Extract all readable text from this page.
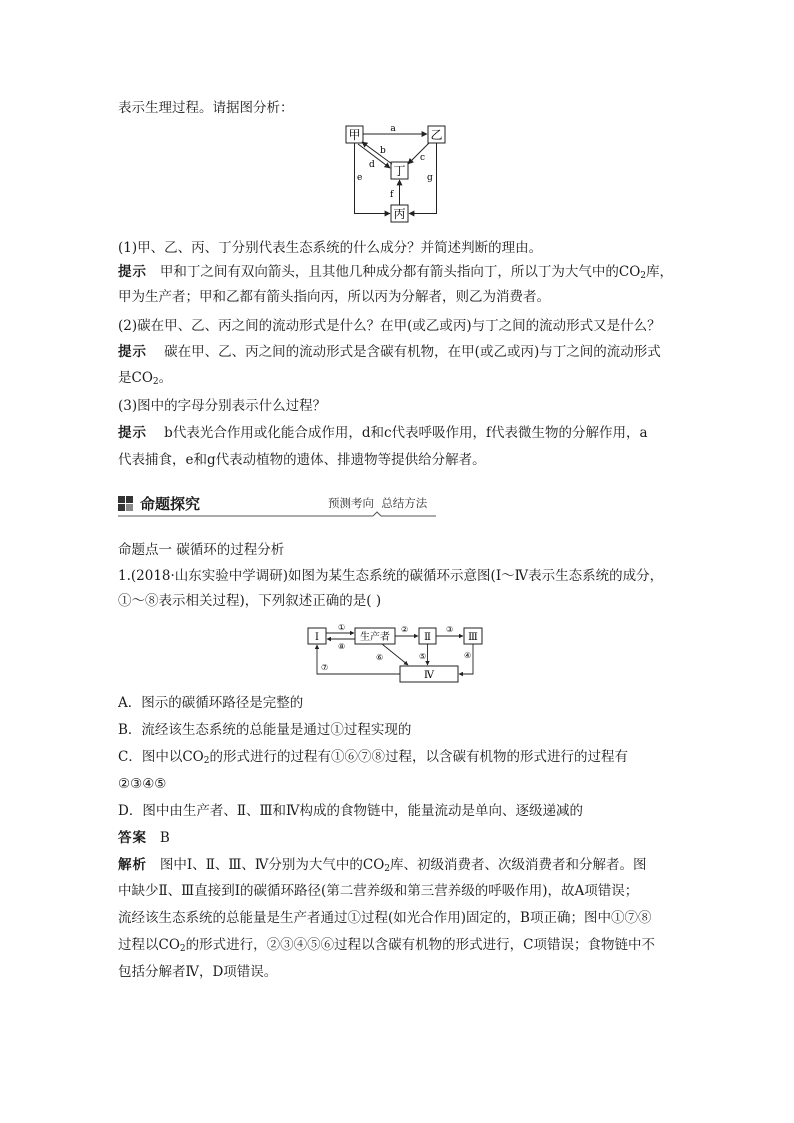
表示生理过程。请据图分析：
甲	乙
丁
丙
a
b
d
c
f
e	g
(1)甲、乙、丙、丁分别代表生态系统的什么成分？并简述判断的理由。
提示 甲和丁之间有双向箭头，且其他几种成分都有箭头指向丁，所以丁为大气中的$CO_2$库，
甲为生产者；甲和乙都有箭头指向丙，所以丙为分解者，则乙为消费者。
(2)碳在甲、乙、丙之间的流动形式是什么？在甲(或乙或丙)与丁之间的流动形式又是什么？
提示 碳在甲、乙、丙之间的流动形式是含碳有机物，在甲(或乙或丙)与丁之间的流动形式
是$CO_2$。
(3)图中的字母分别表示什么过程？
提示 b代表光合作用或化能合成作用，d和c代表呼吸作用，f代表微生物的分解作用，a
代表捕食，e和g代表动植物的遗体、排遗物等提供给分解者。
命题探究	预测考向  总结方法
命题点一 碳循环的过程分析
1.(2018·山东实验中学调研)如图为某生态系统的碳循环示意图(Ⅰ～Ⅳ表示生态系统的成分，
①～⑧表示相关过程)，下列叙述正确的是( )
Ⅰ	生产者	Ⅱ	Ⅲ
Ⅳ
①
⑧
②	③
⑤	④
⑥
⑦
A．图示的碳循环路径是完整的
B．流经该生态系统的总能量是通过①过程实现的
C．图中以$CO_2$的形式进行的过程有①⑥⑦⑧过程，以含碳有机物的形式进行的过程有
②③④⑤
D．图中由生产者、Ⅱ、Ⅲ和Ⅳ构成的食物链中，能量流动是单向、逐级递减的
答案 B
解析 图中Ⅰ、Ⅱ、Ⅲ、Ⅳ分别为大气中的$CO_2$库、初级消费者、次级消费者和分解者。图
中缺少Ⅱ、Ⅲ直接到Ⅰ的碳循环路径(第二营养级和第三营养级的呼吸作用)，故A项错误；
流经该生态系统的总能量是生产者通过①过程(如光合作用)固定的，B项正确；图中①⑦⑧
过程以$CO_2$的形式进行，②③④⑤⑥过程以含碳有机物的形式进行，C项错误；食物链中不
包括分解者Ⅳ，D项错误。
